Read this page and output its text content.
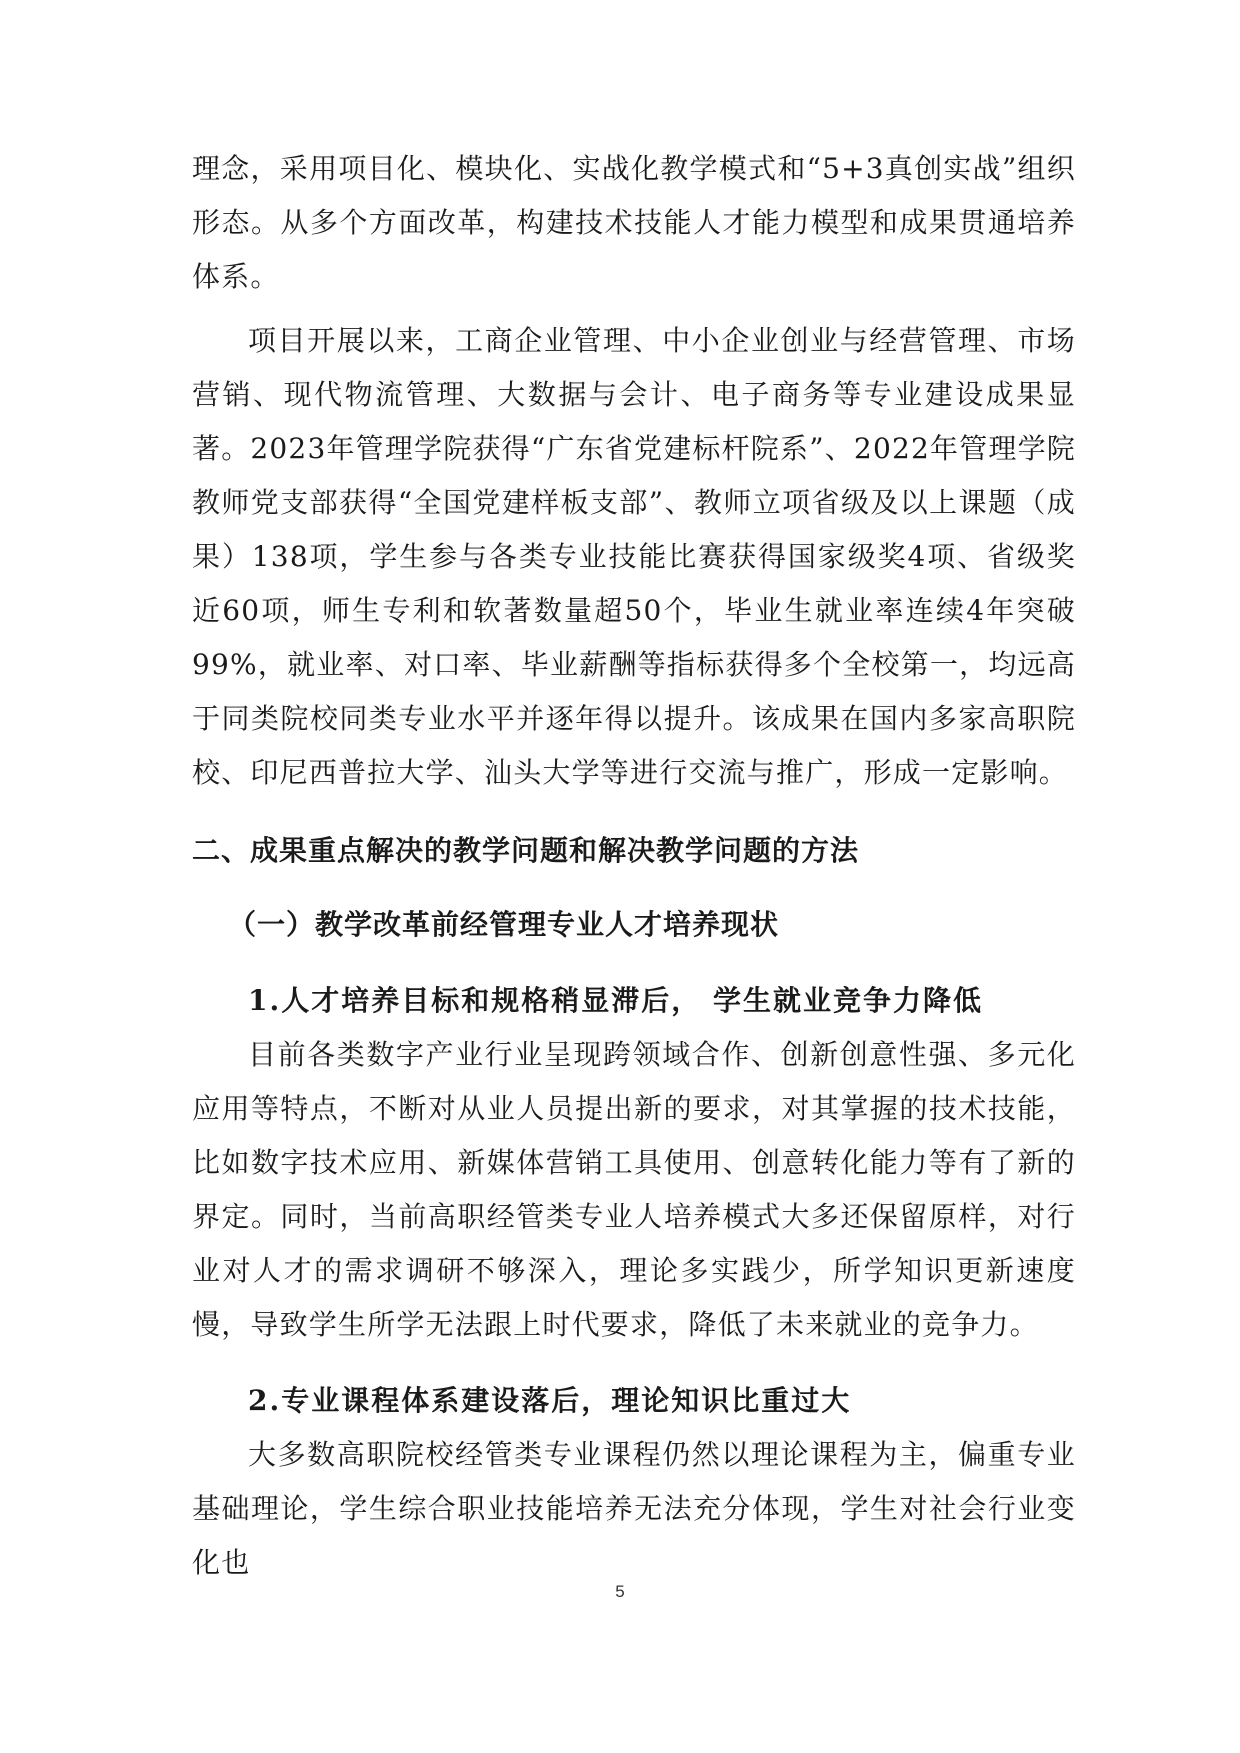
理念，采用项目化、模块化、实战化教学模式和“5+3真创实战”组织形态。从多个方面改革，构建技术技能人才能力模型和成果贯通培养体系。

项目开展以来，工商企业管理、中小企业创业与经营管理、市场营销、现代物流管理、大数据与会计、电子商务等专业建设成果显著。2023年管理学院获得“广东省党建标杆院系”、2022年管理学院教师党支部获得“全国党建样板支部”、教师立项省级及以上课题（成果）138项，学生参与各类专业技能比赛获得国家级奖4项、省级奖近60项，师生专利和软著数量超50个，毕业生就业率连续4年突破99%，就业率、对口率、毕业薪酬等指标获得多个全校第一，均远高于同类院校同类专业水平并逐年得以提升。该成果在国内多家高职院校、印尼西普拉大学、汕头大学等进行交流与推广，形成一定影响。

二、成果重点解决的教学问题和解决教学问题的方法
（一）教学改革前经管理专业人才培养现状
1.人才培养目标和规格稍显滞后， 学生就业竞争力降低

目前各类数字产业行业呈现跨领域合作、创新创意性强、多元化应用等特点，不断对从业人员提出新的要求，对其掌握的技术技能，比如数字技术应用、新媒体营销工具使用、创意转化能力等有了新的界定。同时，当前高职经管类专业人培养模式大多还保留原样，对行业对人才的需求调研不够深入，理论多实践少，所学知识更新速度慢，导致学生所学无法跟上时代要求，降低了未来就业的竞争力。

2.专业课程体系建设落后，理论知识比重过大

大多数高职院校经管类专业课程仍然以理论课程为主，偏重专业基础理论，学生综合职业技能培养无法充分体现，学生对社会行业变化也

5
